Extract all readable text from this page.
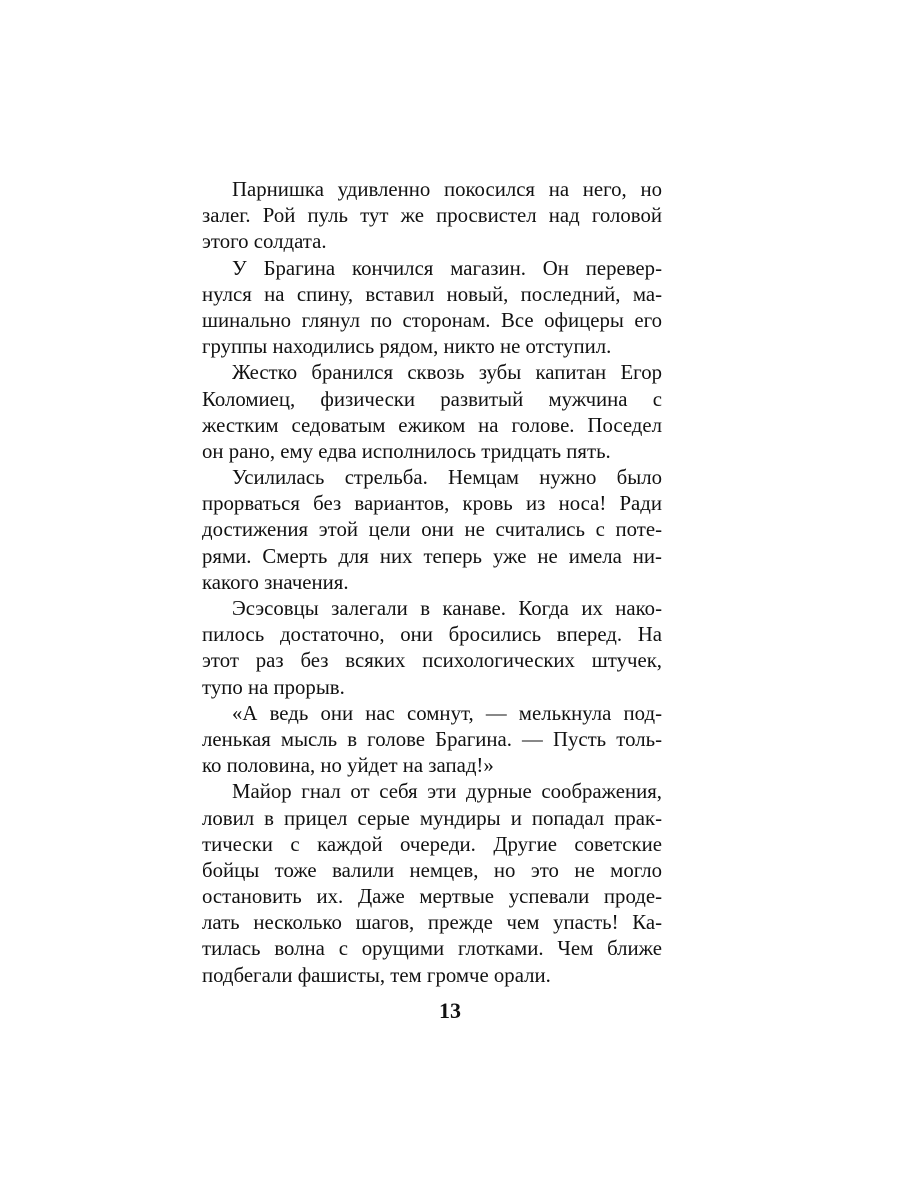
Парнишка удивленно покосился на него, но
залег. Рой пуль тут же просвистел над головой
этого солдата.
У Брагина кончился магазин. Он перевер-
нулся на спину, вставил новый, последний, ма-
шинально глянул по сторонам. Все офицеры его
группы находились рядом, никто не отступил.
Жестко бранился сквозь зубы капитан Егор
Коломиец, физически развитый мужчина с
жестким седоватым ежиком на голове. Поседел
он рано, ему едва исполнилось тридцать пять.
Усилилась стрельба. Немцам нужно было
прорваться без вариантов, кровь из носа! Ради
достижения этой цели они не считались с поте-
рями. Смерть для них теперь уже не имела ни-
какого значения.
Эсэсовцы залегали в канаве. Когда их нако-
пилось достаточно, они бросились вперед. На
этот раз без всяких психологических штучек,
тупо на прорыв.
«А ведь они нас сомнут, — мелькнула под-
ленькая мысль в голове Брагина. — Пусть толь-
ко половина, но уйдет на запад!»
Майор гнал от себя эти дурные соображения,
ловил в прицел серые мундиры и попадал прак-
тически с каждой очереди. Другие советские
бойцы тоже валили немцев, но это не могло
остановить их. Даже мертвые успевали проде-
лать несколько шагов, прежде чем упасть! Ка-
тилась волна с орущими глотками. Чем ближе
подбегали фашисты, тем громче орали.
13
